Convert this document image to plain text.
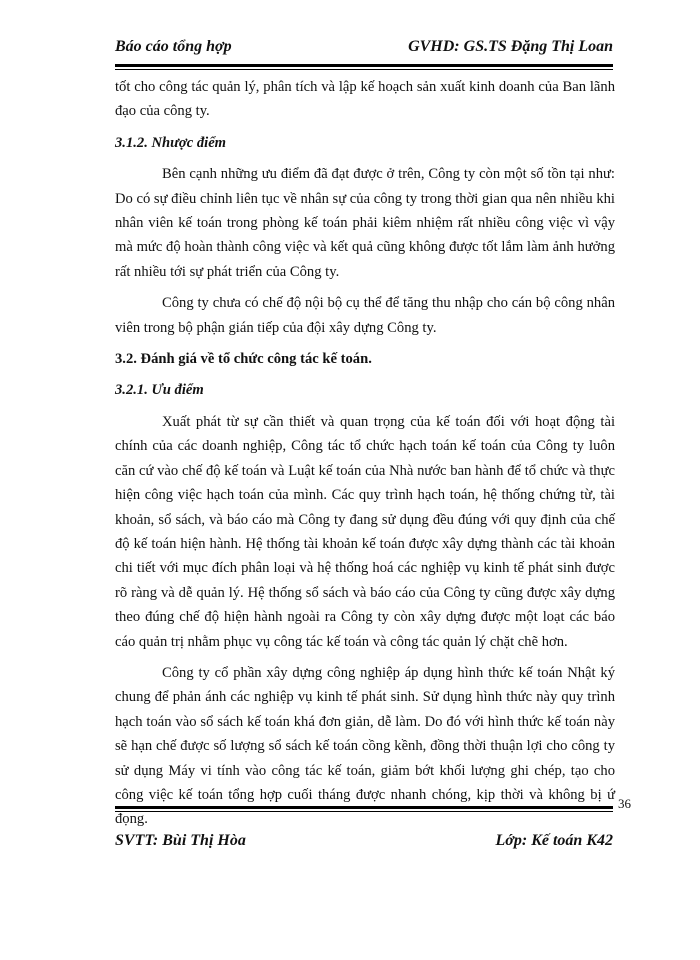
Báo cáo tổng hợp	GVHD: GS.TS Đặng Thị Loan

tốt cho công tác quản lý, phân tích và lập kế hoạch sản xuất kinh doanh của Ban lãnh đạo của công ty.

3.1.2. Nhược điểm

Bên cạnh những ưu điểm đã đạt được ở trên, Công ty còn một số tồn tại như: Do có sự điều chỉnh liên tục về nhân sự của công ty trong thời gian qua nên nhiều khi nhân viên kế toán trong phòng kế toán phải kiêm nhiệm rất nhiều công việc vì vậy mà mức độ hoàn thành công việc và kết quả cũng không được tốt lắm làm ảnh hưởng rất nhiều tới sự phát triển của Công ty.

Công ty chưa có chế độ nội bộ cụ thể để tăng thu nhập cho cán bộ công nhân viên trong bộ phận gián tiếp của đội xây dựng Công ty.

3.2. Đánh giá về tổ chức công tác kế toán.

3.2.1. Ưu điểm

Xuất phát từ sự cần thiết và quan trọng của kế toán đối với hoạt động tài chính của các doanh nghiệp, Công tác tổ chức hạch toán kế toán của Công ty luôn căn cứ vào chế độ kế toán và Luật kế toán của Nhà nước ban hành để tổ chức và thực hiện công việc hạch toán của mình. Các quy trình hạch toán, hệ thống chứng từ, tài khoản, sổ sách, và báo cáo mà Công ty đang sử dụng đều đúng với quy định của chế độ kế toán hiện hành. Hệ thống tài khoản kế toán được xây dựng thành các tài khoản chi tiết với mục đích phân loại và hệ thống hoá các nghiệp vụ kinh tế phát sinh được rõ ràng và dễ quản lý. Hệ thống sổ sách và báo cáo của Công ty cũng được xây dựng theo đúng chế độ hiện hành ngoài ra Công ty còn xây dựng được một loạt các báo cáo quản trị nhằm phục vụ công tác kế toán và công tác quản lý chặt chẽ hơn.

Công ty cổ phần xây dựng công nghiệp áp dụng hình thức kế toán Nhật ký chung để phản ánh các nghiệp vụ kinh tế phát sinh. Sử dụng hình thức này quy trình hạch toán vào sổ sách kế toán khá đơn giản, dễ làm. Do đó với hình thức kế toán này sẽ hạn chế được số lượng sổ sách kế toán cồng kềnh, đồng thời thuận lợi cho công ty sử dụng Máy vi tính vào công tác kế toán, giảm bớt khối lượng ghi chép, tạo cho công việc kế toán tổng hợp cuối tháng được nhanh chóng, kịp thời và không bị ứ đọng.

36
SVTT: Bùi Thị Hòa	Lớp: Kế toán K42
